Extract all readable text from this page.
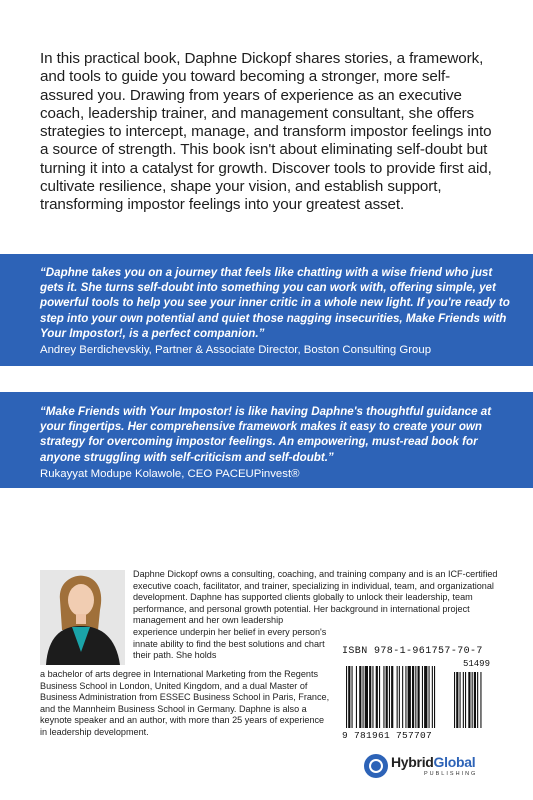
In this practical book, Daphne Dickopf shares stories, a framework, and tools to guide you toward becoming a stronger, more self-assured you. Drawing from years of experience as an executive coach, leadership trainer, and management consultant, she offers strategies to intercept, manage, and transform impostor feelings into a source of strength. This book isn't about eliminating self-doubt but turning it into a catalyst for growth. Discover tools to provide first aid, cultivate resilience, shape your vision, and establish support, transforming impostor feelings into your greatest asset.

“Daphne takes you on a journey that feels like chatting with a wise friend who just gets it. She turns self-doubt into something you can work with, offering simple, yet powerful tools to help you see your inner critic in a whole new light. If you're ready to step into your own potential and quiet those nagging insecurities, Make Friends with Your Impostor!, is a perfect companion.”

Andrey Berdichevskiy, Partner & Associate Director, Boston Consulting Group

“Make Friends with Your Impostor! is like having Daphne's thoughtful guidance at your fingertips. Her comprehensive framework makes it easy to create your own strategy for overcoming impostor feelings. An empowering, must-read book for anyone struggling with self-criticism and self-doubt.”

Rukayyat Modupe Kolawole, CEO PACEUPinvest®

Daphne Dickopf owns a consulting, coaching, and training company and is an ICF-certified executive coach, facilitator, and trainer, specializing in individual, team, and organizational development. Daphne has supported clients globally to unlock their leadership, team performance, and personal growth potential. Her background in international project management and her own leadership

experience underpin her belief in every person's innate ability to find the best solutions and chart their path. She holds

a bachelor of arts degree in International Marketing from the Regents Business School in London, United Kingdom, and a dual Master of Business Administration from ESSEC Business School in Paris, France, and the Mannheim Business School in Germany. Daphne is also a keynote speaker and an author, with more than 25 years of experience in leadership development.

ISBN 978-1-961757-70-7
51499
9 781961 757707
HybridGlobal
PUBLISHING
